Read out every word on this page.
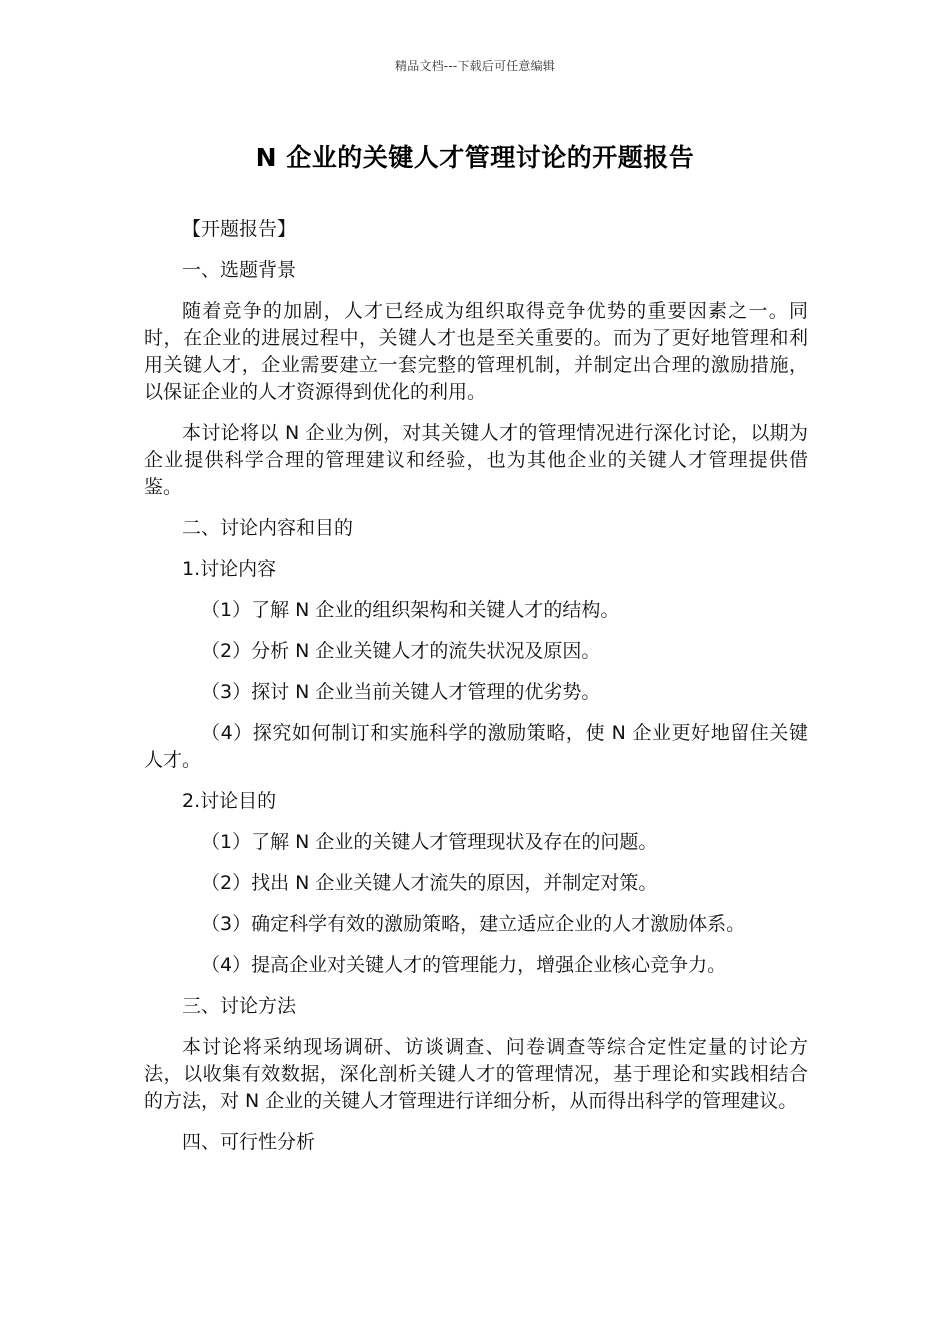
精品文档---下载后可任意编辑
N 企业的关键人才管理讨论的开题报告
【开题报告】
一、选题背景
随着竞争的加剧，人才已经成为组织取得竞争优势的重要因素之一。同时，在企业的进展过程中，关键人才也是至关重要的。而为了更好地管理和利用关键人才，企业需要建立一套完整的管理机制，并制定出合理的激励措施，以保证企业的人才资源得到优化的利用。
本讨论将以 N 企业为例，对其关键人才的管理情况进行深化讨论，以期为企业提供科学合理的管理建议和经验，也为其他企业的关键人才管理提供借鉴。
二、讨论内容和目的
1.讨论内容
（1）了解 N 企业的组织架构和关键人才的结构。
（2）分析 N 企业关键人才的流失状况及原因。
（3）探讨 N 企业当前关键人才管理的优劣势。
（4）探究如何制订和实施科学的激励策略，使 N 企业更好地留住关键人才。
2.讨论目的
（1）了解 N 企业的关键人才管理现状及存在的问题。
（2）找出 N 企业关键人才流失的原因，并制定对策。
（3）确定科学有效的激励策略，建立适应企业的人才激励体系。
（4）提高企业对关键人才的管理能力，增强企业核心竞争力。
三、讨论方法
本讨论将采纳现场调研、访谈调查、问卷调查等综合定性定量的讨论方法，以收集有效数据，深化剖析关键人才的管理情况，基于理论和实践相结合的方法，对 N 企业的关键人才管理进行详细分析，从而得出科学的管理建议。
四、可行性分析
